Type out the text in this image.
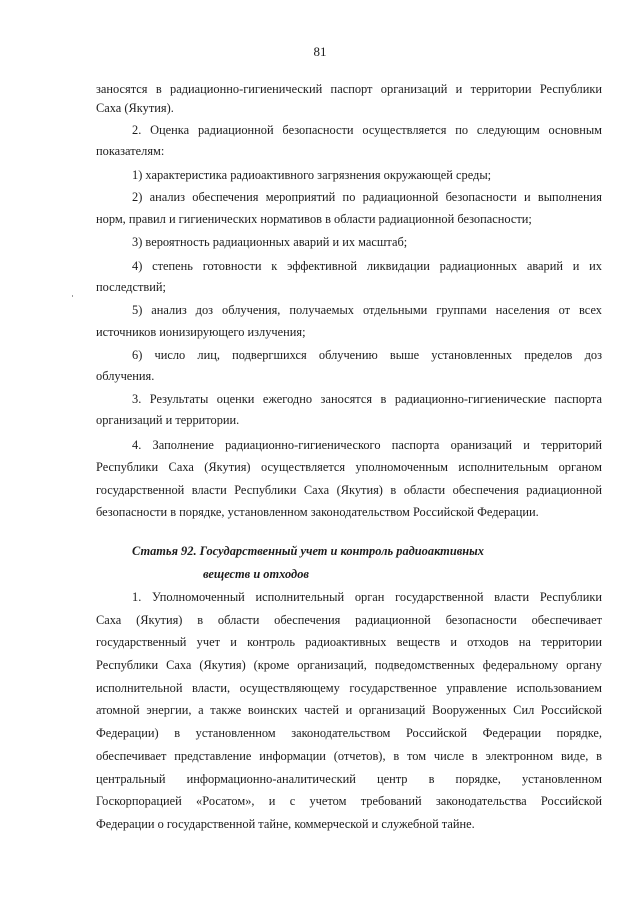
81

заносятся в радиационно-гигиенический паспорт организаций и территории Республики

Саха (Якутия).

2. Оценка радиационной безопасности осуществляется по следующим основным

показателям:

1) характеристика радиоактивного загрязнения окружающей среды;

2) анализ обеспечения мероприятий по радиационной безопасности и выполнения

норм, правил и гигиенических нормативов в области радиационной безопасности;

3) вероятность радиационных аварий и их масштаб;

4) степень готовности к эффективной ликвидации радиационных аварий и их

последствий;

5) анализ доз облучения, получаемых отдельными группами населения от всех

источников ионизирующего излучения;

6) число лиц, подвергшихся облучению выше установленных пределов доз

облучения.

3. Результаты оценки ежегодно заносятся в радиационно-гигиенические паспорта

организаций и территории.

4. Заполнение радиационно-гигиенического паспорта оранизаций и территорий

Республики Саха (Якутия) осуществляется уполномоченным исполнительным органом

государственной власти Республики Саха (Якутия) в области обеспечения радиационной

безопасности в порядке, установленном законодательством Российской Федерации.

Статья 92. Государственный учет и контроль радиоактивных
веществ и отходов

1. Уполномоченный исполнительный орган государственной власти Республики

Саха (Якутия) в области обеспечения радиационной безопасности обеспечивает

государственный учет и контроль радиоактивных веществ и отходов на территории

Республики Саха (Якутия) (кроме организаций, подведомственных федеральному органу

исполнительной власти, осуществляющему государственное управление использованием

атомной энергии, а также воинских частей и организаций Вооруженных Сил Российской

Федерации) в установленном законодательством Российской Федерации порядке,

обеспечивает представление информации (отчетов), в том числе в электронном виде, в

центральный информационно-аналитический центр в порядке, установленном

Госкорпорацией «Росатом», и с учетом требований законодательства Российской

Федерации о государственной тайне, коммерческой и служебной тайне.
